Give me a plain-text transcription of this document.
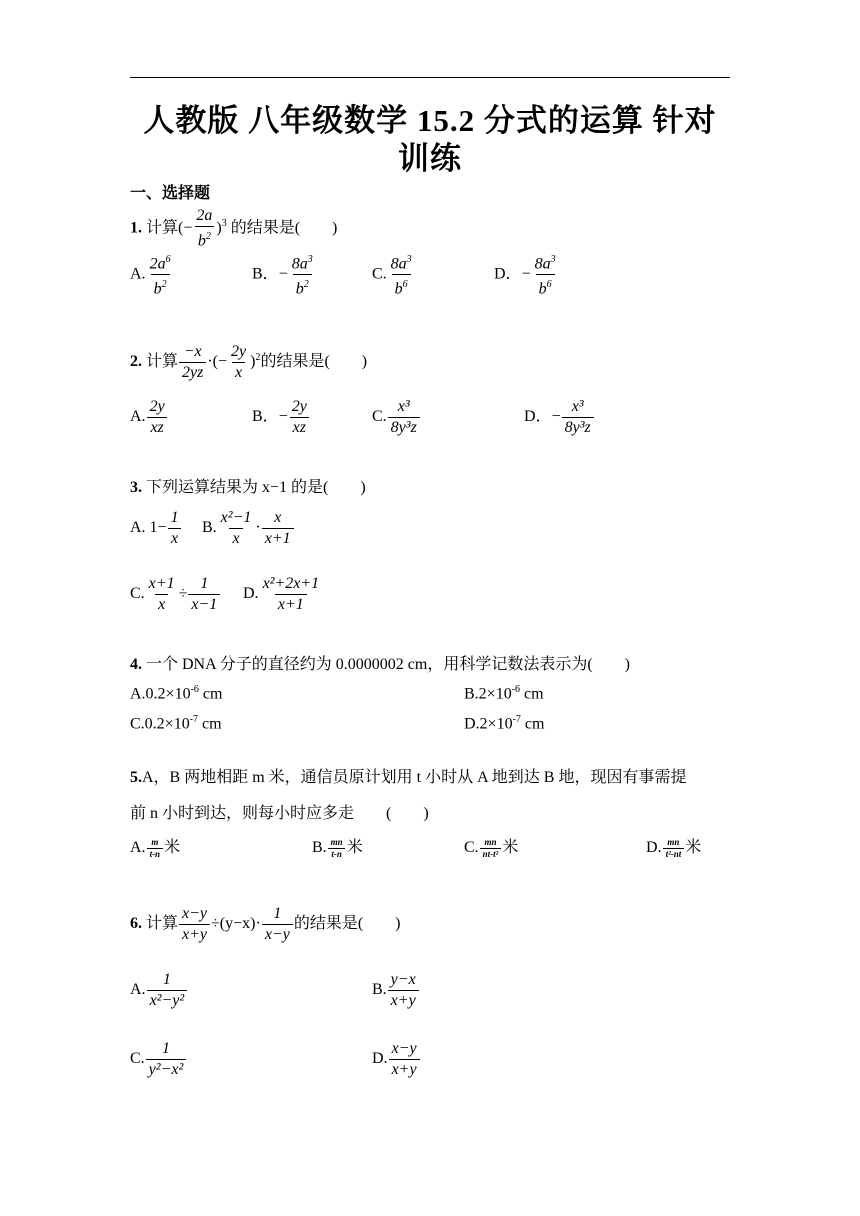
人教版 八年级数学 15.2 分式的运算 针对训练
一、选择题
1. 计算(− $\frac{2a}{b^2} )^3$ 的结果是(　　)
A. $\frac{2a^6}{b^2}$	B．− $\frac{8a^3}{b^2}$	C. $\frac{8a^3}{b^6}$	D．− $\frac{8a^3}{b^6}$
2. 计算 $\frac{-x}{2yz}$ ·(− $\frac{2y}{x} )^2$的结果是(　　)
A. $\frac{2y}{xz}$	B．− $\frac{2y}{xz}$	C. $\frac{\text{x³}}{\text{8y³z}}$	D．− $\frac{\text{x³}}{\text{8y³z}}$
3. 下列运算结果为 x−1 的是(　　)
A. $1- \frac{1}{x} B$. $\frac{\text{x²−1}}{x} \cdot \frac{x}{x+1}$
C. $\frac{x+1}{x} \div \frac{1}{x-1} D$. $\frac{\text{x²+2x+1}}{x+1}$
4. 一个 DNA 分子的直径约为 0.0000002 cm，用科学记数法表示为(　　)
$A.0.2\times 10^{-6}$ cm	$B.2\times 10^{-6}$ cm
$C.0.2\times 10^{-7}$ cm	$D.2\times 10^{-7}$ cm
5.A，B 两地相距 m 米，通信员原计划用 t 小时从 A 地到达 B 地，现因有事需提
前 n 小时到达，则每小时应多走　　(　　)
A. $\frac{m}{t-n}$ 米	B. $\frac{mn}{t-n}$ 米	C. $\frac{mn}{\text{nt-t²}}$ 米	D. $\frac{mn}{\text{t²-nt}}$ 米
6. 计算 $\frac{x-y}{x+y} \div(y-x)\cdot \frac{1}{x-y}$ 的结果是(　　)
A. $\frac{1}{\text{x²−y²}}$	B. $\frac{y-x}{x+y}$
C. $\frac{1}{\text{y²−x²}}$	D. $\frac{x-y}{x+y}$
